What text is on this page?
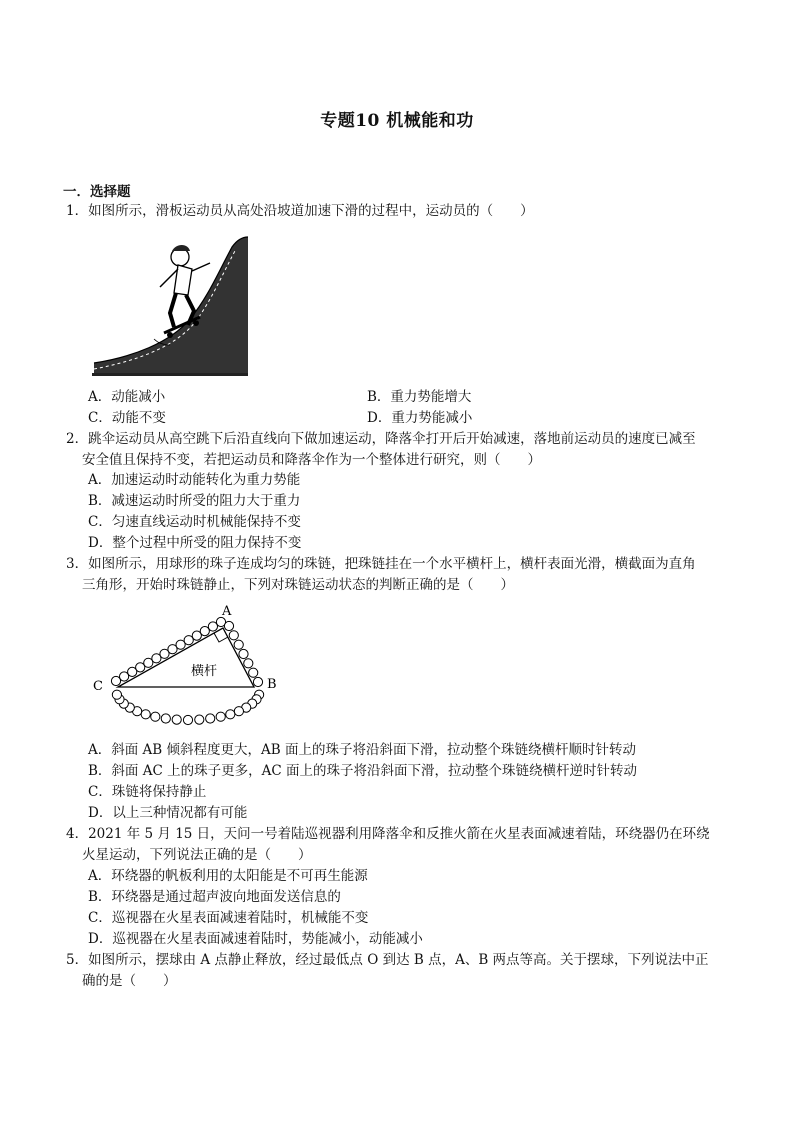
专题10 机械能和功
一．选择题

1．如图所示，滑板运动员从高处沿坡道加速下滑的过程中，运动员的（　　）

A．动能减小	B．重力势能增大
C．动能不变	D．重力势能减小

2．跳伞运动员从高空跳下后沿直线向下做加速运动，降落伞打开后开始减速，落地前运动员的速度已减至

安全值且保持不变，若把运动员和降落伞作为一个整体进行研究，则（　　）

A．加速运动时动能转化为重力势能
B．减速运动时所受的阻力大于重力
C．匀速直线运动时机械能保持不变
D．整个过程中所受的阻力保持不变

3．如图所示，用球形的珠子连成均匀的珠链，把珠链挂在一个水平横杆上，横杆表面光滑，横截面为直角

三角形，开始时珠链静止，下列对珠链运动状态的判断正确的是（　　）

A
B
C
横杆
A．斜面 AB 倾斜程度更大，AB 面上的珠子将沿斜面下滑，拉动整个珠链绕横杆顺时针转动
B．斜面 AC 上的珠子更多，AC 面上的珠子将沿斜面下滑，拉动整个珠链绕横杆逆时针转动
C．珠链将保持静止
D．以上三种情况都有可能

4．2021 年 5 月 15 日，天问一号着陆巡视器利用降落伞和反推火箭在火星表面减速着陆，环绕器仍在环绕

火星运动，下列说法正确的是（　　）

A．环绕器的帆板利用的太阳能是不可再生能源
B．环绕器是通过超声波向地面发送信息的
C．巡视器在火星表面减速着陆时，机械能不变
D．巡视器在火星表面减速着陆时，势能减小，动能减小

5．如图所示，摆球由 A 点静止释放，经过最低点 O 到达 B 点，A、B 两点等高。关于摆球，下列说法中正

确的是（　　）
